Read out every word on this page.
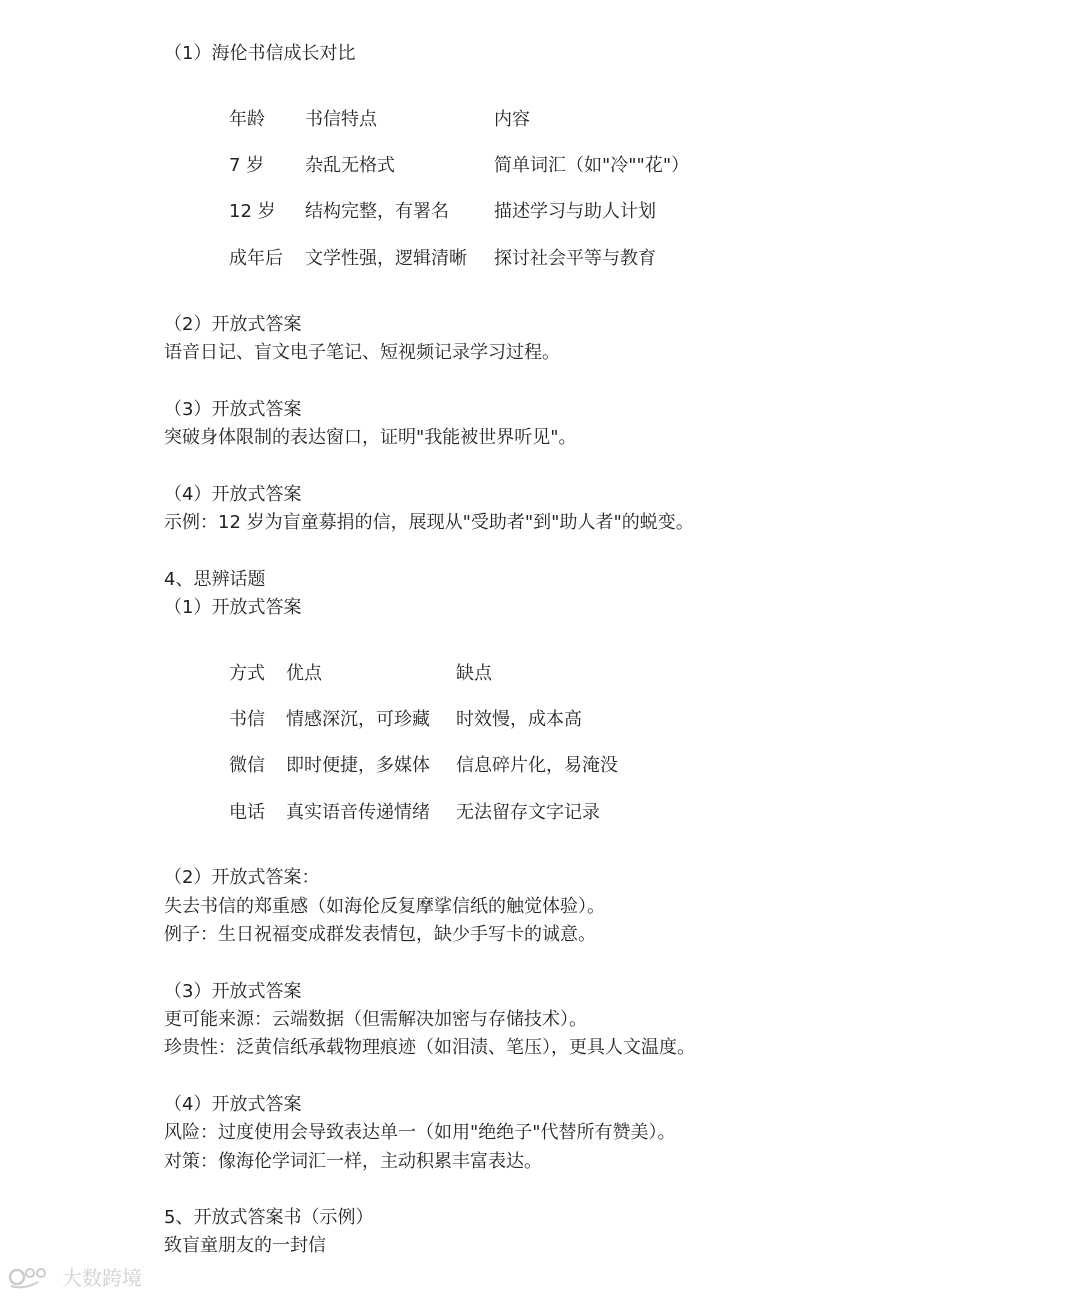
（1）海伦书信成长对比
年龄 书信特点	内容
7 岁 杂乱无格式	简单词汇（如"冷""花"）
12 岁 结构完整，有署名	描述学习与助人计划
成年后 文学性强，逻辑清晰 探讨社会平等与教育
（2）开放式答案
语音日记、盲文电子笔记、短视频记录学习过程。
（3）开放式答案
突破身体限制的表达窗口，证明"我能被世界听见"。
（4）开放式答案
示例：12 岁为盲童募捐的信，展现从"受助者"到"助人者"的蜕变。
4、思辨话题
（1）开放式答案
方式 优点	缺点
书信 情感深沉，可珍藏 时效慢，成本高
微信 即时便捷，多媒体 信息碎片化，易淹没
电话 真实语音传递情绪 无法留存文字记录
（2）开放式答案：
失去书信的郑重感（如海伦反复摩挲信纸的触觉体验）。
例子：生日祝福变成群发表情包，缺少手写卡的诚意。
（3）开放式答案
更可能来源：云端数据（但需解决加密与存储技术）。
珍贵性：泛黄信纸承载物理痕迹（如泪渍、笔压），更具人文温度。
（4）开放式答案
风险：过度使用会导致表达单一（如用"绝绝子"代替所有赞美）。
对策：像海伦学词汇一样，主动积累丰富表达。
5、开放式答案书（示例）
致盲童朋友的一封信
大数跨境
